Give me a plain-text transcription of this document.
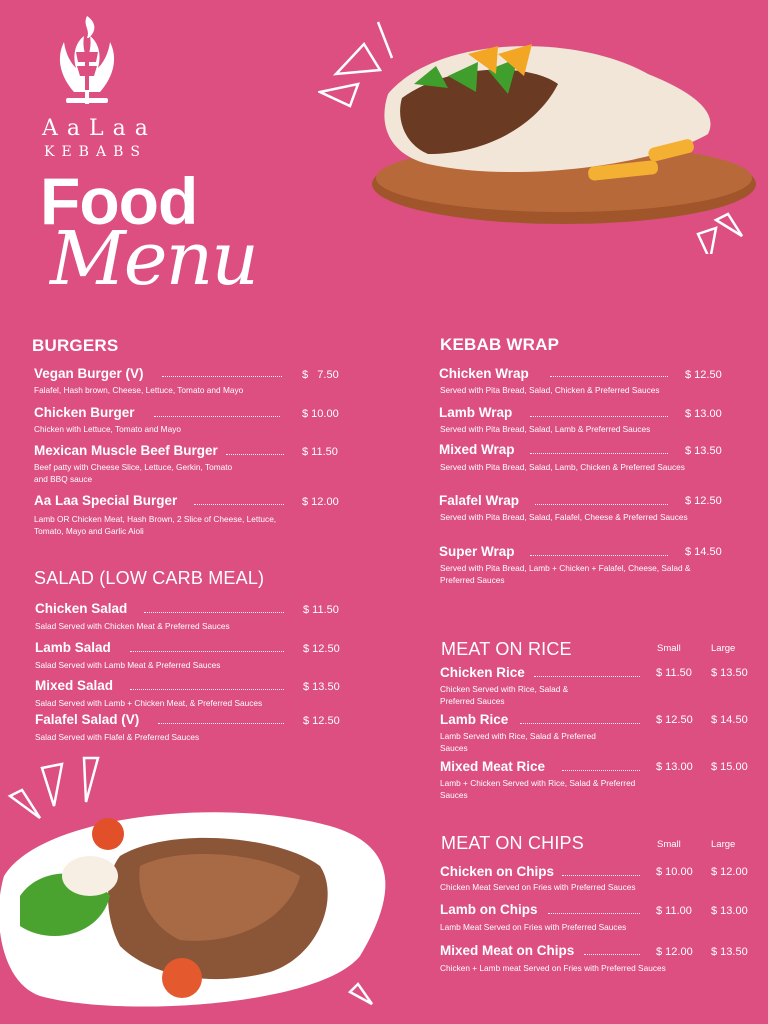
AaLaa
KEBABS
Food
Menu
BURGERS
Vegan Burger (V)	$   7.50
Falafel, Hash brown, Cheese, Lettuce, Tomato and Mayo
Chicken Burger	$ 10.00
Chicken with Lettuce, Tomato and Mayo
Mexican Muscle Beef Burger	$ 11.50
Beef patty with Cheese Slice, Lettuce, Gerkin, Tomato and BBQ sauce
Aa Laa Special Burger	$ 12.00
Lamb OR Chicken Meat, Hash Brown, 2 Slice of Cheese, Lettuce, Tomato, Mayo and Garlic Aioli
SALAD (LOW CARB MEAL)
Chicken Salad	$ 11.50
Salad Served with Chicken Meat & Preferred Sauces
Lamb Salad	$ 12.50
Salad Served with Lamb Meat & Preferred Sauces
Mixed Salad	$ 13.50
Salad Served with Lamb + Chicken Meat, & Preferred Sauces
Falafel Salad (V)	$ 12.50
Salad Served with Flafel & Preferred Sauces
KEBAB WRAP
Chicken Wrap	$ 12.50
Served with Pita Bread, Salad, Chicken & Preferred Sauces
Lamb Wrap	$ 13.00
Served with Pita Bread, Salad, Lamb & Preferred Sauces
Mixed Wrap	$ 13.50
Served with Pita Bread, Salad, Lamb, Chicken & Preferred Sauces
Falafel Wrap	$ 12.50
Served with Pita Bread, Salad, Falafel, Cheese & Preferred Sauces
Super Wrap	$ 14.50
Served with Pita Bread, Lamb + Chicken + Falafel, Cheese, Salad & Preferred Sauces
MEAT ON RICE	Small	Large
Chicken Rice	$ 11.50 $ 13.50
Chicken Served with Rice, Salad & Preferred Sauces
Lamb Rice	$ 12.50 $ 14.50
Lamb Served with Rice, Salad & Preferred Sauces
Mixed Meat Rice	$ 13.00 $ 15.00
Lamb + Chicken Served with Rice, Salad & Preferred Sauces
MEAT ON CHIPS	Small	Large
Chicken on Chips	$ 10.00 $ 12.00
Chicken Meat Served on Fries with Preferred Sauces
Lamb on Chips	$ 11.00 $ 13.00
Lamb Meat Served on Fries with Preferred Sauces
Mixed Meat on Chips	$ 12.00 $ 13.50
Chicken + Lamb meat Served on Fries with Preferred Sauces
